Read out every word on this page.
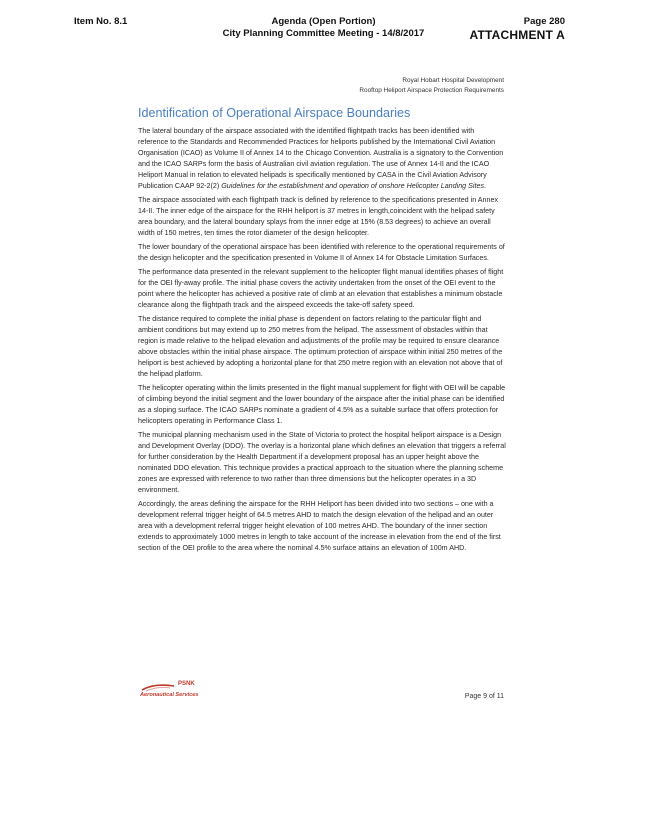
Item No. 8.1	Agenda (Open Portion)
City Planning Committee Meeting - 14/8/2017
Page 280
ATTACHMENT A
Royal Hobart Hospital Development
Rooftop Heliport Airspace Protection Requirements
Identification of Operational Airspace Boundaries

The lateral boundary of the airspace associated with the identified flightpath tracks has been identified with reference to the Standards and Recommended Practices for heliports published by the International Civil Aviation Organisation (ICAO) as Volume II of Annex 14 to the Chicago Convention. Australia is a signatory to the Convention and the ICAO SARPs form the basis of Australian civil aviation regulation. The use of Annex 14-II and the ICAO Heliport Manual in relation to elevated helipads is specifically mentioned by CASA in the Civil Aviation Advisory Publication CAAP 92-2(2) Guidelines for the establishment and operation of onshore Helicopter Landing Sites.

The airspace associated with each flightpath track is defined by reference to the specifications presented in Annex 14-II. The inner edge of the airspace for the RHH heliport is 37 metres in length,coincident with the helipad safety area boundary, and the lateral boundary splays from the inner edge at 15% (8.53 degrees) to achieve an overall width of 150 metres, ten times the rotor diameter of the design helicopter.

The lower boundary of the operational airspace has been identified with reference to the operational requirements of the design helicopter and the specification presented in Volume II of Annex 14 for Obstacle Limitation Surfaces.

The performance data presented in the relevant supplement to the helicopter flight manual identifies phases of flight for the OEI fly-away profile. The initial phase covers the activity undertaken from the onset of the OEI event to the point where the helicopter has achieved a positive rate of climb at an elevation that establishes a minimum obstacle clearance along the flightpath track and the airspeed exceeds the take-off safety speed.

The distance required to complete the initial phase is dependent on factors relating to the particular flight and ambient conditions but may extend up to 250 metres from the helipad. The assessment of obstacles within that region is made relative to the helipad elevation and adjustments of the profile may be required to ensure clearance above obstacles within the initial phase airspace. The optimum protection of airspace within initial 250 metres of the heliport is best achieved by adopting a horizontal plane for that 250 metre region with an elevation not above that of the helipad platform.

The helicopter operating within the limits presented in the flight manual supplement for flight with OEI will be capable of climbing beyond the initial segment and the lower boundary of the airspace after the initial phase can be identified as a sloping surface. The ICAO SARPs nominate a gradient of 4.5% as a suitable surface that offers protection for helicopters operating in Performance Class 1.

The municipal planning mechanism used in the State of Victoria to protect the hospital heliport airspace is a Design and Development Overlay (DDO). The overlay is a horizontal plane which defines an elevation that triggers a referral for further consideration by the Health Department if a development proposal has an upper height above the nominated DDO elevation. This technique provides a practical approach to the situation where the planning scheme zones are expressed with reference to two rather than three dimensions but the helicopter operates in a 3D environment.

Accordingly, the areas defining the airspace for the RHH Heliport has been divided into two sections – one with a development referral trigger height of 64.5 metres AHD to match the design elevation of the helipad and an outer area with a development referral trigger height elevation of 100 metres AHD. The boundary of the inner section extends to approximately 1000 metres in length to take account of the increase in elevation from the end of the first section of the OEI profile to the area where the nominal 4.5% surface attains an elevation of 100m AHD.

PSNK
Aeronautical Services	Page 9 of 11
